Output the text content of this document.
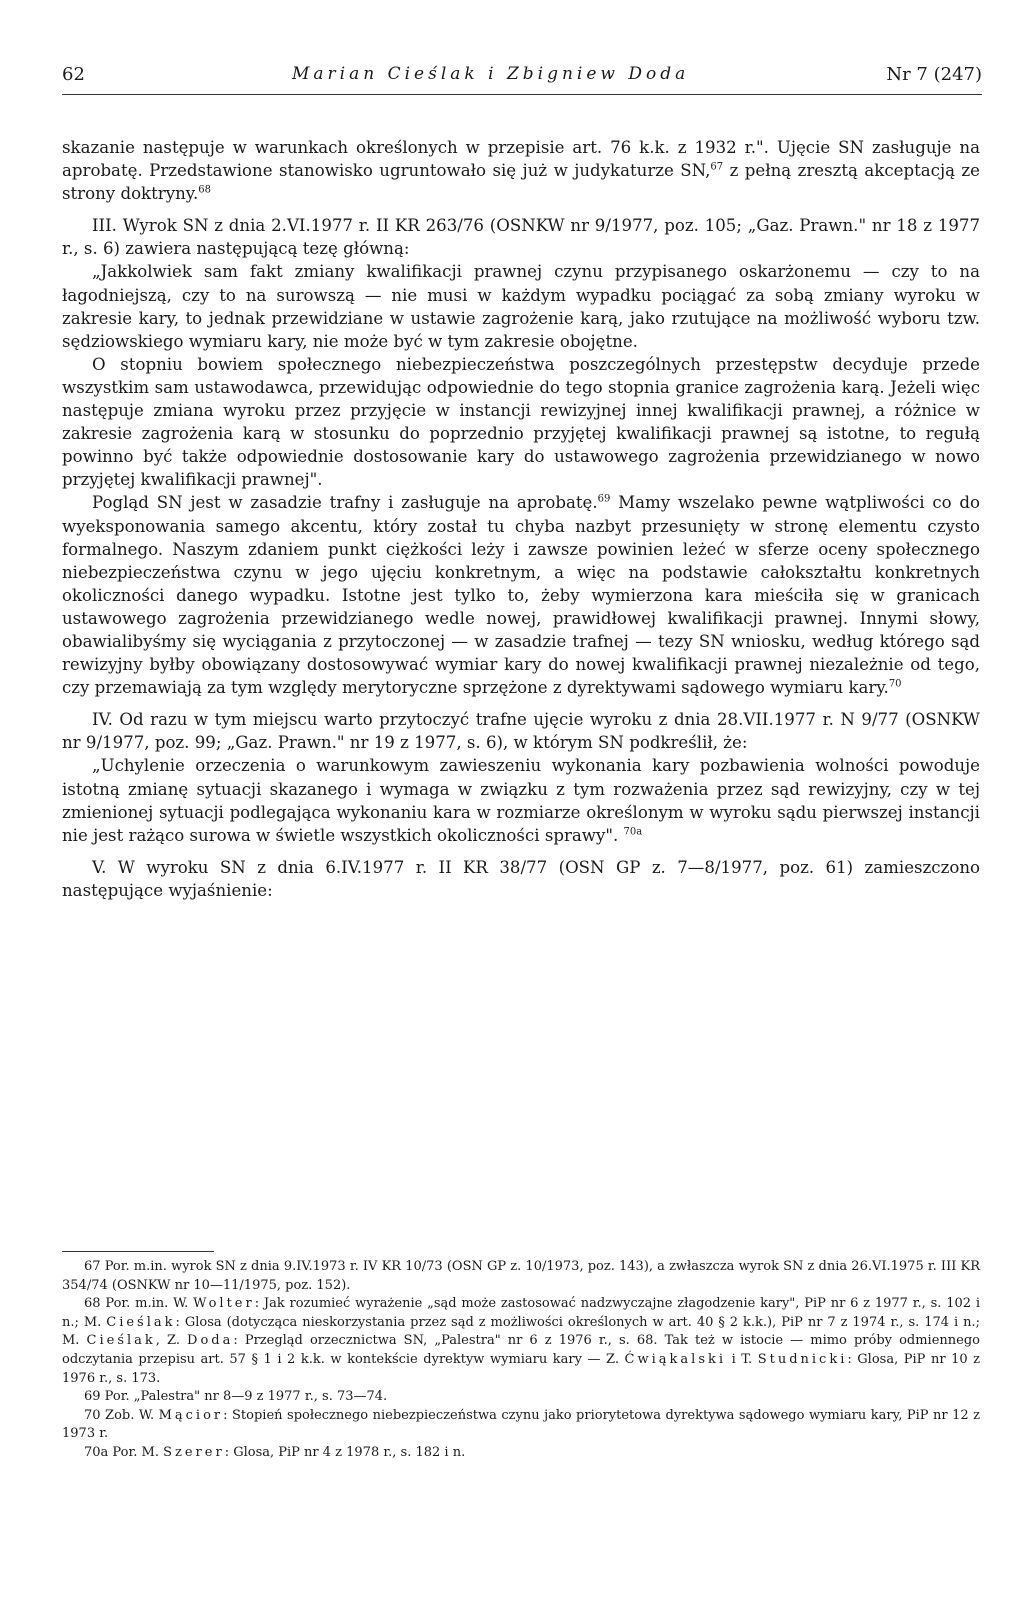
62	Marian Cieślak i Zbigniew Doda	Nr 7 (247)

skazanie następuje w warunkach określonych w przepisie art. 76 k.k. z 1932 r.". Ujęcie SN zasługuje na aprobatę. Przedstawione stanowisko ugruntowało się już w judykaturze SN,$^{67}$ z pełną zresztą akceptacją ze strony doktryny.$^{68}$

III. Wyrok SN z dnia 2.VI.1977 r. II KR 263/76 (OSNKW nr 9/1977, poz. 105; „Gaz. Prawn." nr 18 z 1977 r., s. 6) zawiera następującą tezę główną:

„Jakkolwiek sam fakt zmiany kwalifikacji prawnej czynu przypisanego oskarżonemu — czy to na łagodniejszą, czy to na surowszą — nie musi w każdym wypadku pociągać za sobą zmiany wyroku w zakresie kary, to jednak przewidziane w ustawie zagrożenie karą, jako rzutujące na możliwość wyboru tzw. sędziowskiego wymiaru kary, nie może być w tym zakresie obojętne.

O stopniu bowiem społecznego niebezpieczeństwa poszczególnych przestępstw decyduje przede wszystkim sam ustawodawca, przewidując odpowiednie do tego stopnia granice zagrożenia karą. Jeżeli więc następuje zmiana wyroku przez przyjęcie w instancji rewizyjnej innej kwalifikacji prawnej, a różnice w zakresie zagrożenia karą w stosunku do poprzednio przyjętej kwalifikacji prawnej są istotne, to regułą powinno być także odpowiednie dostosowanie kary do ustawowego zagrożenia przewidzianego w nowo przyjętej kwalifikacji prawnej".

Pogląd SN jest w zasadzie trafny i zasługuje na aprobatę.$^{69}$ Mamy wszelako pewne wątpliwości co do wyeksponowania samego akcentu, który został tu chyba nazbyt przesunięty w stronę elementu czysto formalnego. Naszym zdaniem punkt ciężkości leży i zawsze powinien leżeć w sferze oceny społecznego niebezpieczeństwa czynu w jego ujęciu konkretnym, a więc na podstawie całokształtu konkretnych okoliczności danego wypadku. Istotne jest tylko to, żeby wymierzona kara mieściła się w granicach ustawowego zagrożenia przewidzianego wedle nowej, prawidłowej kwalifikacji prawnej. Innymi słowy, obawialibyśmy się wyciągania z przytoczonej — w zasadzie trafnej — tezy SN wniosku, według którego sąd rewizyjny byłby obowiązany dostosowywać wymiar kary do nowej kwalifikacji prawnej niezależnie od tego, czy przemawiają za tym względy merytoryczne sprzężone z dyrektywami sądowego wymiaru kary.$^{70}$

IV. Od razu w tym miejscu warto przytoczyć trafne ujęcie wyroku z dnia 28.VII.1977 r. N 9/77 (OSNKW nr 9/1977, poz. 99; „Gaz. Prawn." nr 19 z 1977, s. 6), w którym SN podkreślił, że:

„Uchylenie orzeczenia o warunkowym zawieszeniu wykonania kary pozbawienia wolności powoduje istotną zmianę sytuacji skazanego i wymaga w związku z tym rozważenia przez sąd rewizyjny, czy w tej zmienionej sytuacji podlegająca wykonaniu kara w rozmiarze określonym w wyroku sądu pierwszej instancji nie jest rażąco surowa w świetle wszystkich okoliczności sprawy". $^{70a}$

V. W wyroku SN z dnia 6.IV.1977 r. II KR 38/77 (OSN GP z. 7—8/1977, poz. 61) zamieszczono następujące wyjaśnienie:

67 Por. m.in. wyrok SN z dnia 9.IV.1973 r. IV KR 10/73 (OSN GP z. 10/1973, poz. 143), a zwłaszcza wyrok SN z dnia 26.VI.1975 r. III KR 354/74 (OSNKW nr 10—11/1975, poz. 152).

68 Por. m.in. W. Wolter: Jak rozumieć wyrażenie „sąd może zastosować nadzwyczajne złagodzenie kary", PiP nr 6 z 1977 r., s. 102 i n.; M. Cieślak: Glosa (dotycząca nieskorzystania przez sąd z możliwości określonych w art. 40 § 2 k.k.), PiP nr 7 z 1974 r., s. 174 i n.; M. Cieślak, Z. Doda: Przegląd orzecznictwa SN, „Palestra" nr 6 z 1976 r., s. 68. Tak też w istocie — mimo próby odmiennego odczytania przepisu art. 57 § 1 i 2 k.k. w kontekście dyrektyw wymiaru kary — Z. Ćwiąkalski i T. Studnicki: Glosa, PiP nr 10 z 1976 r., s. 173.

69 Por. „Palestra" nr 8—9 z 1977 r., s. 73—74.

70 Zob. W. Mącior: Stopień społecznego niebezpieczeństwa czynu jako priorytetowa dyrektywa sądowego wymiaru kary, PiP nr 12 z 1973 r.

70a Por. M. Szerer: Glosa, PiP nr 4 z 1978 r., s. 182 i n.
